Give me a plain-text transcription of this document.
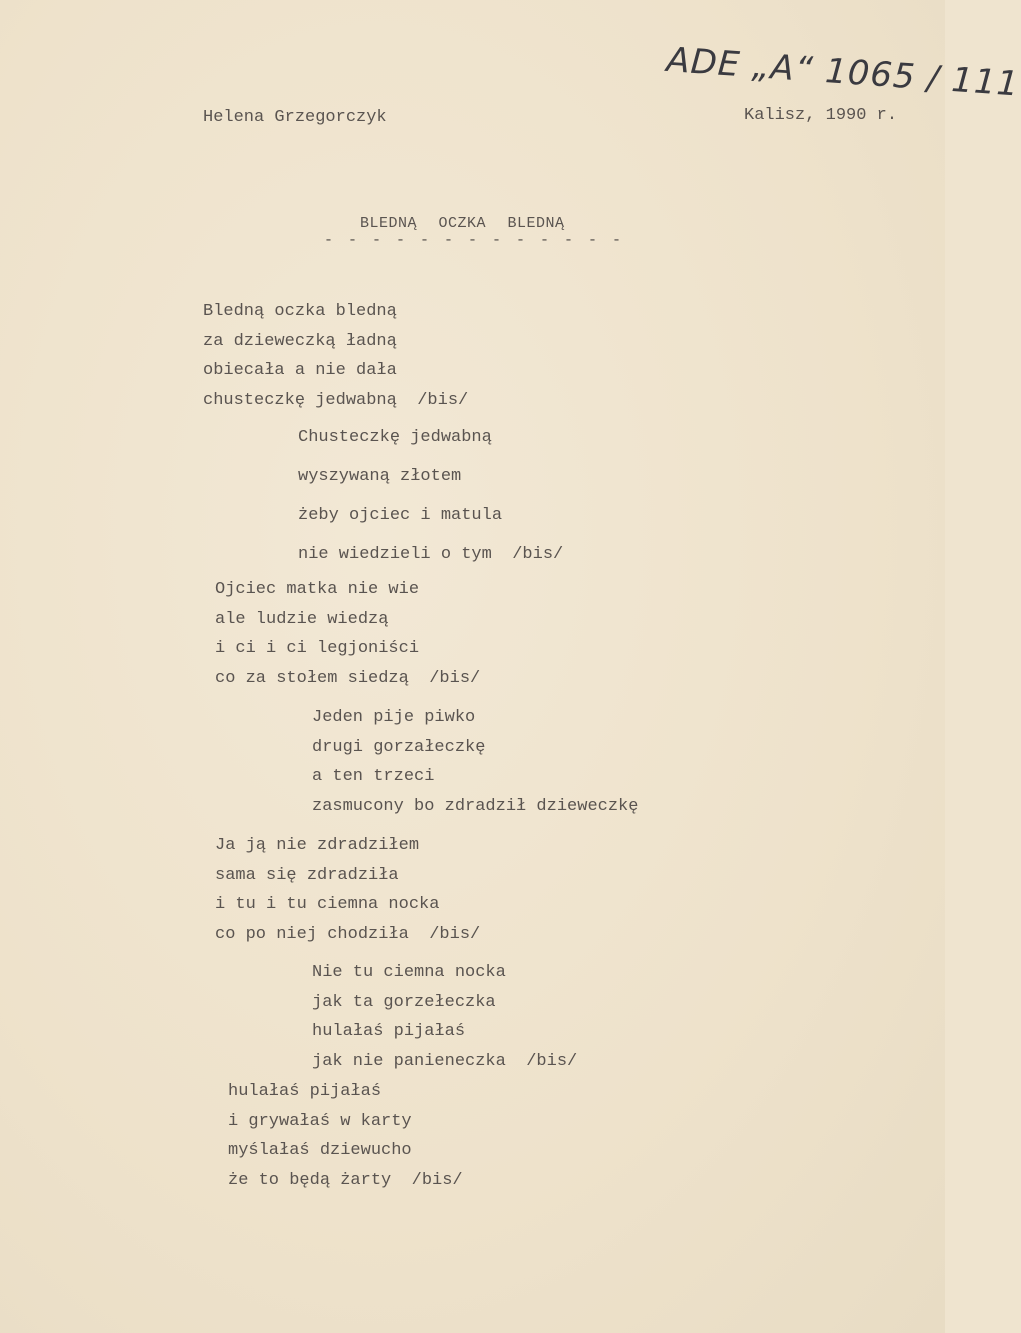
ADE „A“ 1065 / 111
Helena Grzegorczyk	Kalisz, 1990 r.
BLEDNĄ OCZKA BLEDNĄ
- - - - - - - - - - - - -
Bledną oczka bledną
za dzieweczką ładną
obiecała a nie dała
chusteczkę jedwabną  /bis/
Chusteczkę jedwabną
wyszywaną złotem
żeby ojciec i matula
nie wiedzieli o tym  /bis/
Ojciec matka nie wie
ale ludzie wiedzą
i ci i ci legjoniści
co za stołem siedzą  /bis/
Jeden pije piwko
drugi gorzałeczkę
a ten trzeci
zasmucony bo zdradził dzieweczkę
Ja ją nie zdradziłem
sama się zdradziła
i tu i tu ciemna nocka
co po niej chodziła  /bis/
Nie tu ciemna nocka
jak ta gorzełeczka
hulałaś pijałaś
jak nie panieneczka  /bis/
hulałaś pijałaś
i grywałaś w karty
myślałaś dziewucho
że to będą żarty  /bis/
